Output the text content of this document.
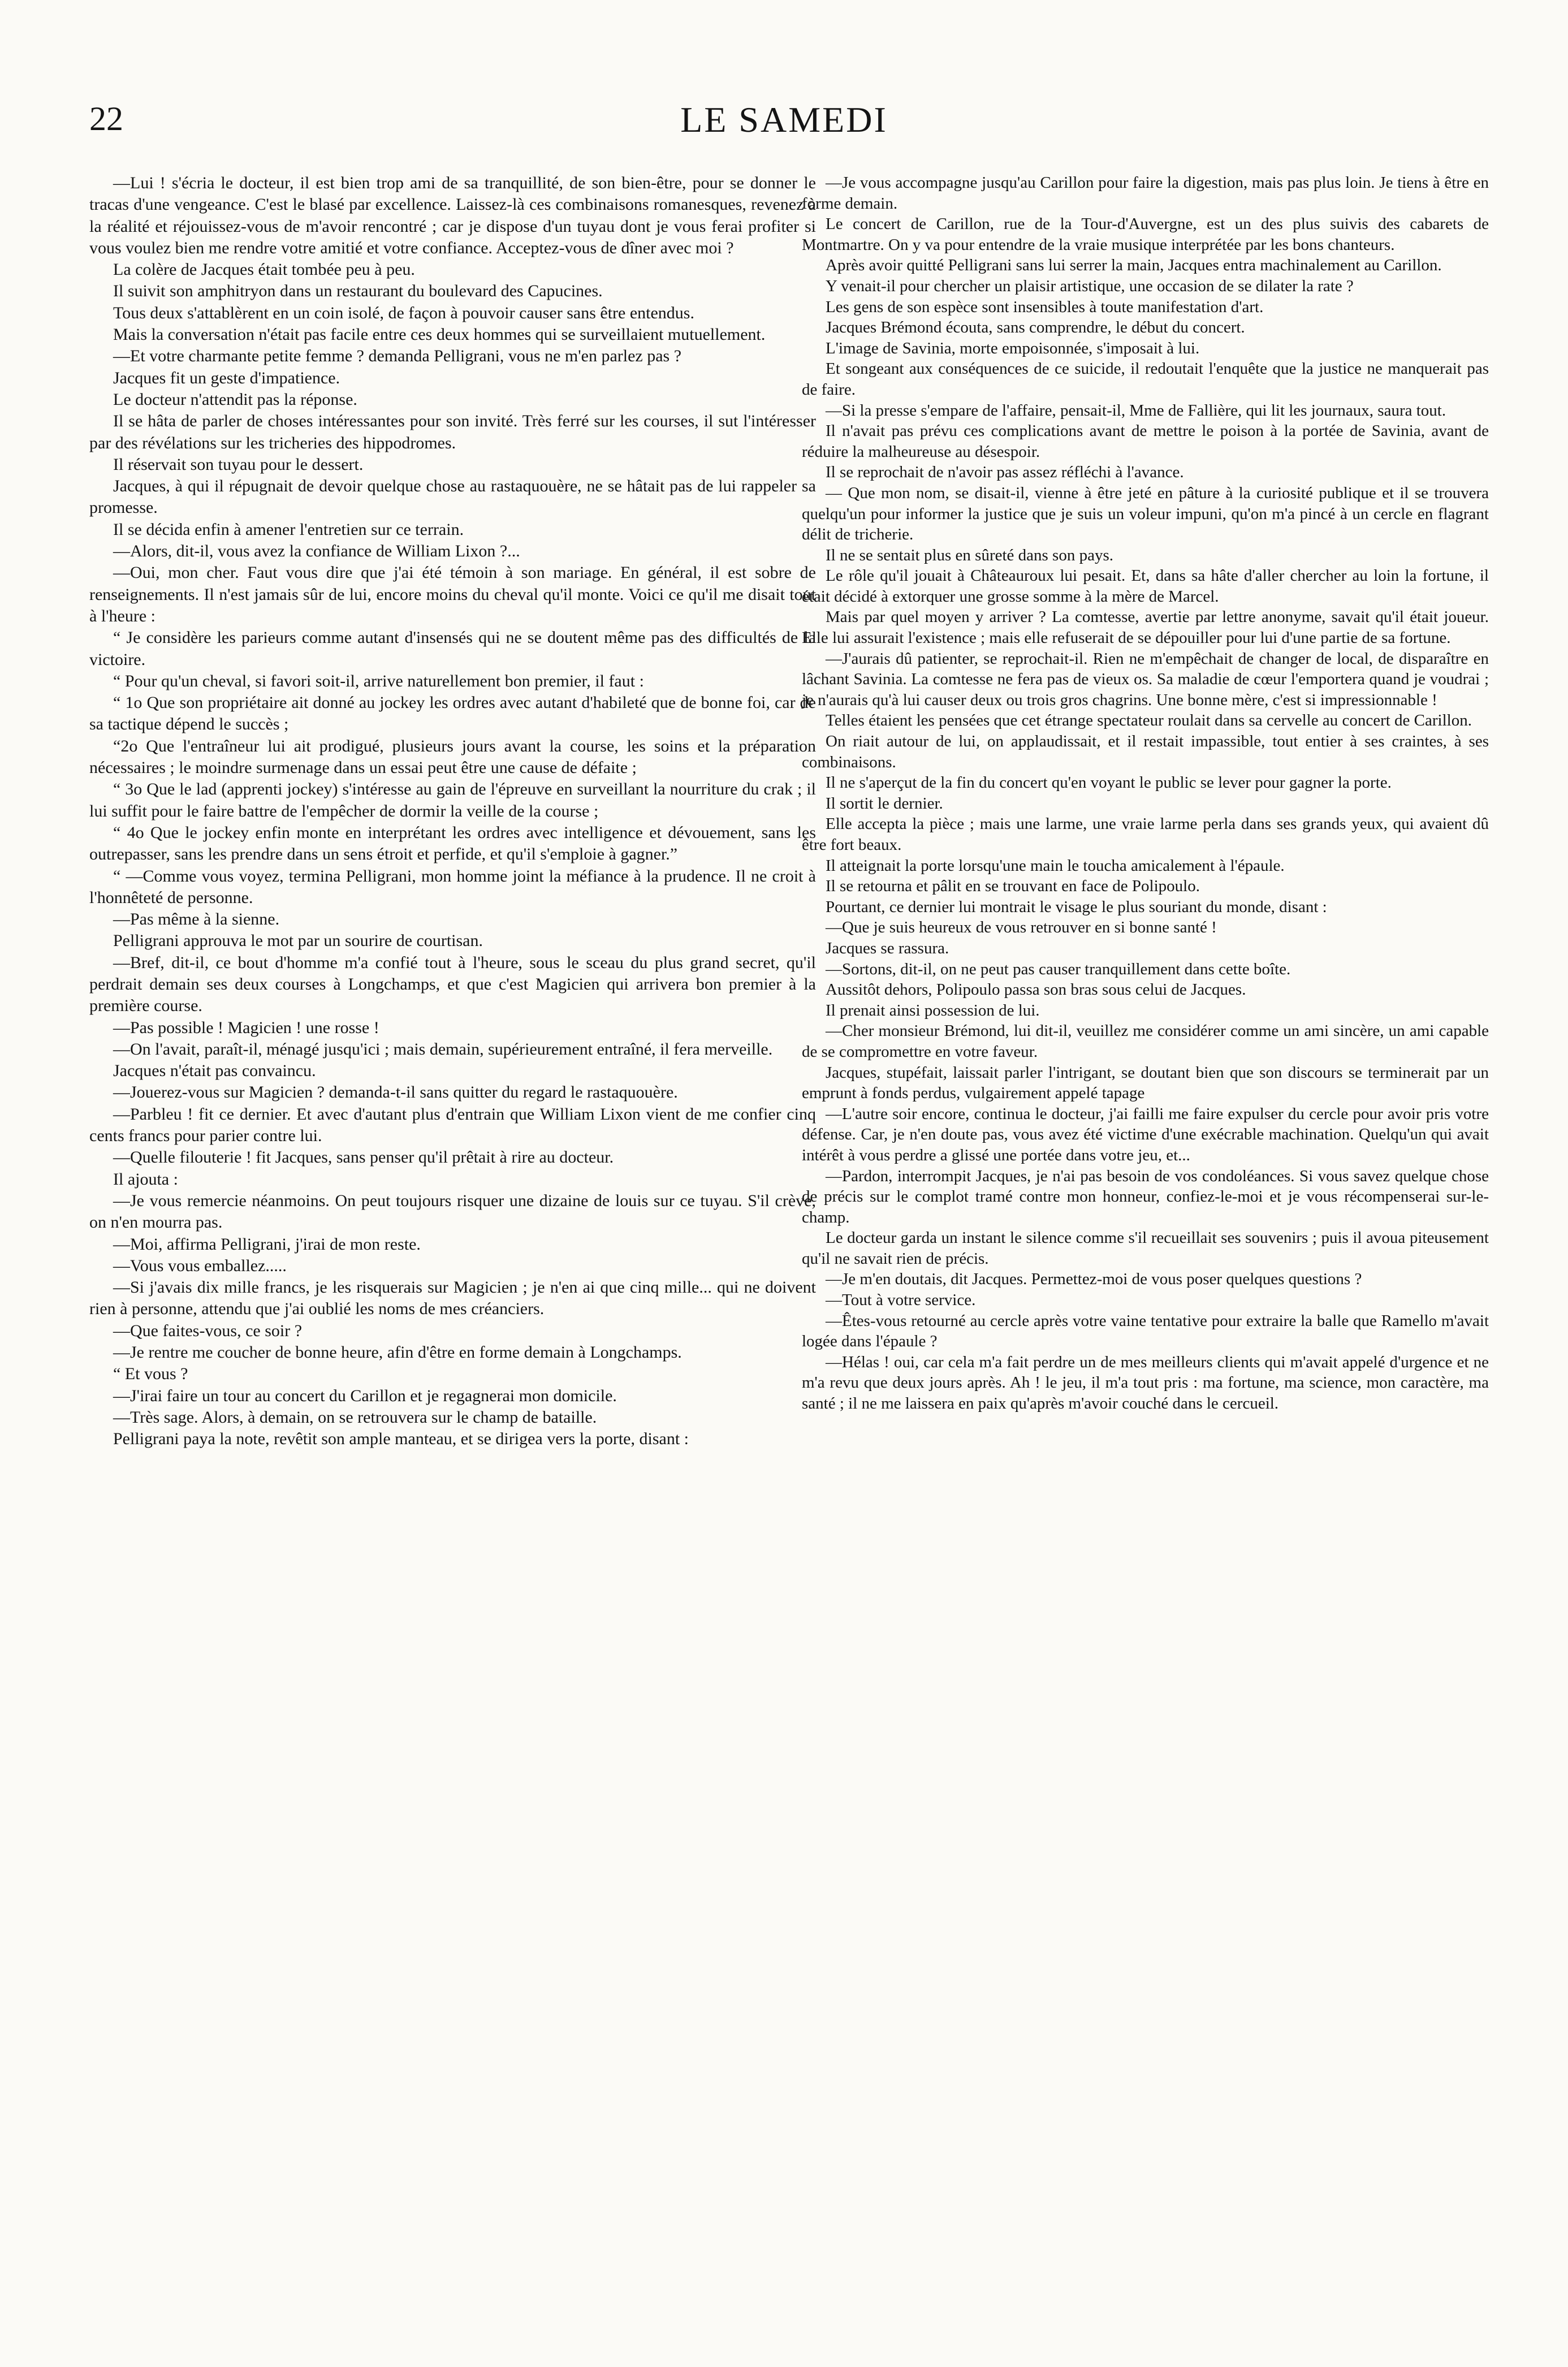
22	LE SAMEDI

—Lui ! s'écria le docteur, il est bien trop ami de sa tranquillité, de son bien-être, pour se donner le tracas d'une vengeance. C'est le blasé par excellence. Laissez-là ces combinaisons romanesques, revenez à la réalité et réjouissez-vous de m'avoir rencontré ; car je dispose d'un tuyau dont je vous ferai profiter si vous voulez bien me rendre votre amitié et votre confiance. Acceptez-vous de dîner avec moi ?

La colère de Jacques était tombée peu à peu.

Il suivit son amphitryon dans un restaurant du boulevard des Capucines.

Tous deux s'attablèrent en un coin isolé, de façon à pouvoir causer sans être entendus.

Mais la conversation n'était pas facile entre ces deux hommes qui se surveillaient mutuellement.

—Et votre charmante petite femme ? demanda Pelligrani, vous ne m'en parlez pas ?

Jacques fit un geste d'impatience.

Le docteur n'attendit pas la réponse.

Il se hâta de parler de choses intéressantes pour son invité. Très ferré sur les courses, il sut l'intéresser par des révélations sur les tricheries des hippodromes.

Il réservait son tuyau pour le dessert.

Jacques, à qui il répugnait de devoir quelque chose au rastaquouère, ne se hâtait pas de lui rappeler sa promesse.

Il se décida enfin à amener l'entretien sur ce terrain.

—Alors, dit-il, vous avez la confiance de William Lixon ?...

—Oui, mon cher. Faut vous dire que j'ai été témoin à son mariage. En général, il est sobre de renseignements. Il n'est jamais sûr de lui, encore moins du cheval qu'il monte. Voici ce qu'il me disait tout à l'heure :

“ Je considère les parieurs comme autant d'insensés qui ne se doutent même pas des difficultés de la victoire.

“ Pour qu'un cheval, si favori soit-il, arrive naturellement bon premier, il faut :

“ 1o Que son propriétaire ait donné au jockey les ordres avec autant d'habileté que de bonne foi, car de sa tactique dépend le succès ;

“2o Que l'entraîneur lui ait prodigué, plusieurs jours avant la course, les soins et la préparation nécessaires ; le moindre surmenage dans un essai peut être une cause de défaite ;

“ 3o Que le lad (apprenti jockey) s'intéresse au gain de l'épreuve en surveillant la nourriture du crak ; il lui suffit pour le faire battre de l'empêcher de dormir la veille de la course ;

“ 4o Que le jockey enfin monte en interprétant les ordres avec intelligence et dévouement, sans les outrepasser, sans les prendre dans un sens étroit et perfide, et qu'il s'emploie à gagner.”

“ —Comme vous voyez, termina Pelligrani, mon homme joint la méfiance à la prudence. Il ne croit à l'honnêteté de personne.

—Pas même à la sienne.

Pelligrani approuva le mot par un sourire de courtisan.

—Bref, dit-il, ce bout d'homme m'a confié tout à l'heure, sous le sceau du plus grand secret, qu'il perdrait demain ses deux courses à Longchamps, et que c'est Magicien qui arrivera bon premier à la première course.

—Pas possible ! Magicien ! une rosse !

—On l'avait, paraît-il, ménagé jusqu'ici ; mais demain, supérieurement entraîné, il fera merveille.

Jacques n'était pas convaincu.

—Jouerez-vous sur Magicien ? demanda-t-il sans quitter du regard le rastaquouère.

—Parbleu ! fit ce dernier. Et avec d'autant plus d'entrain que William Lixon vient de me confier cinq cents francs pour parier contre lui.

—Quelle filouterie ! fit Jacques, sans penser qu'il prêtait à rire au docteur.

Il ajouta :

—Je vous remercie néanmoins. On peut toujours risquer une dizaine de louis sur ce tuyau. S'il crève, on n'en mourra pas.

—Moi, affirma Pelligrani, j'irai de mon reste.

—Vous vous emballez.....

—Si j'avais dix mille francs, je les risquerais sur Magicien ; je n'en ai que cinq mille... qui ne doivent rien à personne, attendu que j'ai oublié les noms de mes créanciers.

—Que faites-vous, ce soir ?

—Je rentre me coucher de bonne heure, afin d'être en forme demain à Longchamps.

“ Et vous ?

—J'irai faire un tour au concert du Carillon et je regagnerai mon domicile.

—Très sage. Alors, à demain, on se retrouvera sur le champ de bataille.

Pelligrani paya la note, revêtit son ample manteau, et se dirigea vers la porte, disant :

—Je vous accompagne jusqu'au Carillon pour faire la digestion, mais pas plus loin. Je tiens à être en forme demain.

Le concert de Carillon, rue de la Tour-d'Auvergne, est un des plus suivis des cabarets de Montmartre. On y va pour entendre de la vraie musique interprétée par les bons chanteurs.

Après avoir quitté Pelligrani sans lui serrer la main, Jacques entra machinalement au Carillon.

Y venait-il pour chercher un plaisir artistique, une occasion de se dilater la rate ?

Les gens de son espèce sont insensibles à toute manifestation d'art.

Jacques Brémond écouta, sans comprendre, le début du concert.

L'image de Savinia, morte empoisonnée, s'imposait à lui.

Et songeant aux conséquences de ce suicide, il redoutait l'enquête que la justice ne manquerait pas de faire.

—Si la presse s'empare de l'affaire, pensait-il, Mme de Fallière, qui lit les journaux, saura tout.

Il n'avait pas prévu ces complications avant de mettre le poison à la portée de Savinia, avant de réduire la malheureuse au désespoir.

Il se reprochait de n'avoir pas assez réfléchi à l'avance.

— Que mon nom, se disait-il, vienne à être jeté en pâture à la curiosité publique et il se trouvera quelqu'un pour informer la justice que je suis un voleur impuni, qu'on m'a pincé à un cercle en flagrant délit de tricherie.

Il ne se sentait plus en sûreté dans son pays.

Le rôle qu'il jouait à Châteauroux lui pesait. Et, dans sa hâte d'aller chercher au loin la fortune, il était décidé à extorquer une grosse somme à la mère de Marcel.

Mais par quel moyen y arriver ? La comtesse, avertie par lettre anonyme, savait qu'il était joueur. Elle lui assurait l'existence ; mais elle refuserait de se dépouiller pour lui d'une partie de sa fortune.

—J'aurais dû patienter, se reprochait-il. Rien ne m'empêchait de changer de local, de disparaître en lâchant Savinia. La comtesse ne fera pas de vieux os. Sa maladie de cœur l'emportera quand je voudrai ; je n'aurais qu'à lui causer deux ou trois gros chagrins. Une bonne mère, c'est si impressionnable !

Telles étaient les pensées que cet étrange spectateur roulait dans sa cervelle au concert de Carillon.

On riait autour de lui, on applaudissait, et il restait impassible, tout entier à ses craintes, à ses combinaisons.

Il ne s'aperçut de la fin du concert qu'en voyant le public se lever pour gagner la porte.

Il sortit le dernier.

Elle accepta la pièce ; mais une larme, une vraie larme perla dans ses grands yeux, qui avaient dû être fort beaux.

Il atteignait la porte lorsqu'une main le toucha amicalement à l'épaule.

Il se retourna et pâlit en se trouvant en face de Polipoulo.

Pourtant, ce dernier lui montrait le visage le plus souriant du monde, disant :

—Que je suis heureux de vous retrouver en si bonne santé !

Jacques se rassura.

—Sortons, dit-il, on ne peut pas causer tranquillement dans cette boîte.

Aussitôt dehors, Polipoulo passa son bras sous celui de Jacques.

Il prenait ainsi possession de lui.

—Cher monsieur Brémond, lui dit-il, veuillez me considérer comme un ami sincère, un ami capable de se compromettre en votre faveur.

Jacques, stupéfait, laissait parler l'intrigant, se doutant bien que son discours se terminerait par un emprunt à fonds perdus, vulgairement appelé tapage

—L'autre soir encore, continua le docteur, j'ai failli me faire expulser du cercle pour avoir pris votre défense. Car, je n'en doute pas, vous avez été victime d'une exécrable machination. Quelqu'un qui avait intérêt à vous perdre a glissé une portée dans votre jeu, et...

—Pardon, interrompit Jacques, je n'ai pas besoin de vos condoléances. Si vous savez quelque chose de précis sur le complot tramé contre mon honneur, confiez-le-moi et je vous récompenserai sur-le-champ.

Le docteur garda un instant le silence comme s'il recueillait ses souvenirs ; puis il avoua piteusement qu'il ne savait rien de précis.

—Je m'en doutais, dit Jacques. Permettez-moi de vous poser quelques questions ?

—Tout à votre service.

—Êtes-vous retourné au cercle après votre vaine tentative pour extraire la balle que Ramello m'avait logée dans l'épaule ?

—Hélas ! oui, car cela m'a fait perdre un de mes meilleurs clients qui m'avait appelé d'urgence et ne m'a revu que deux jours après. Ah ! le jeu, il m'a tout pris : ma fortune, ma science, mon caractère, ma santé ; il ne me laissera en paix qu'après m'avoir couché dans le cercueil.
